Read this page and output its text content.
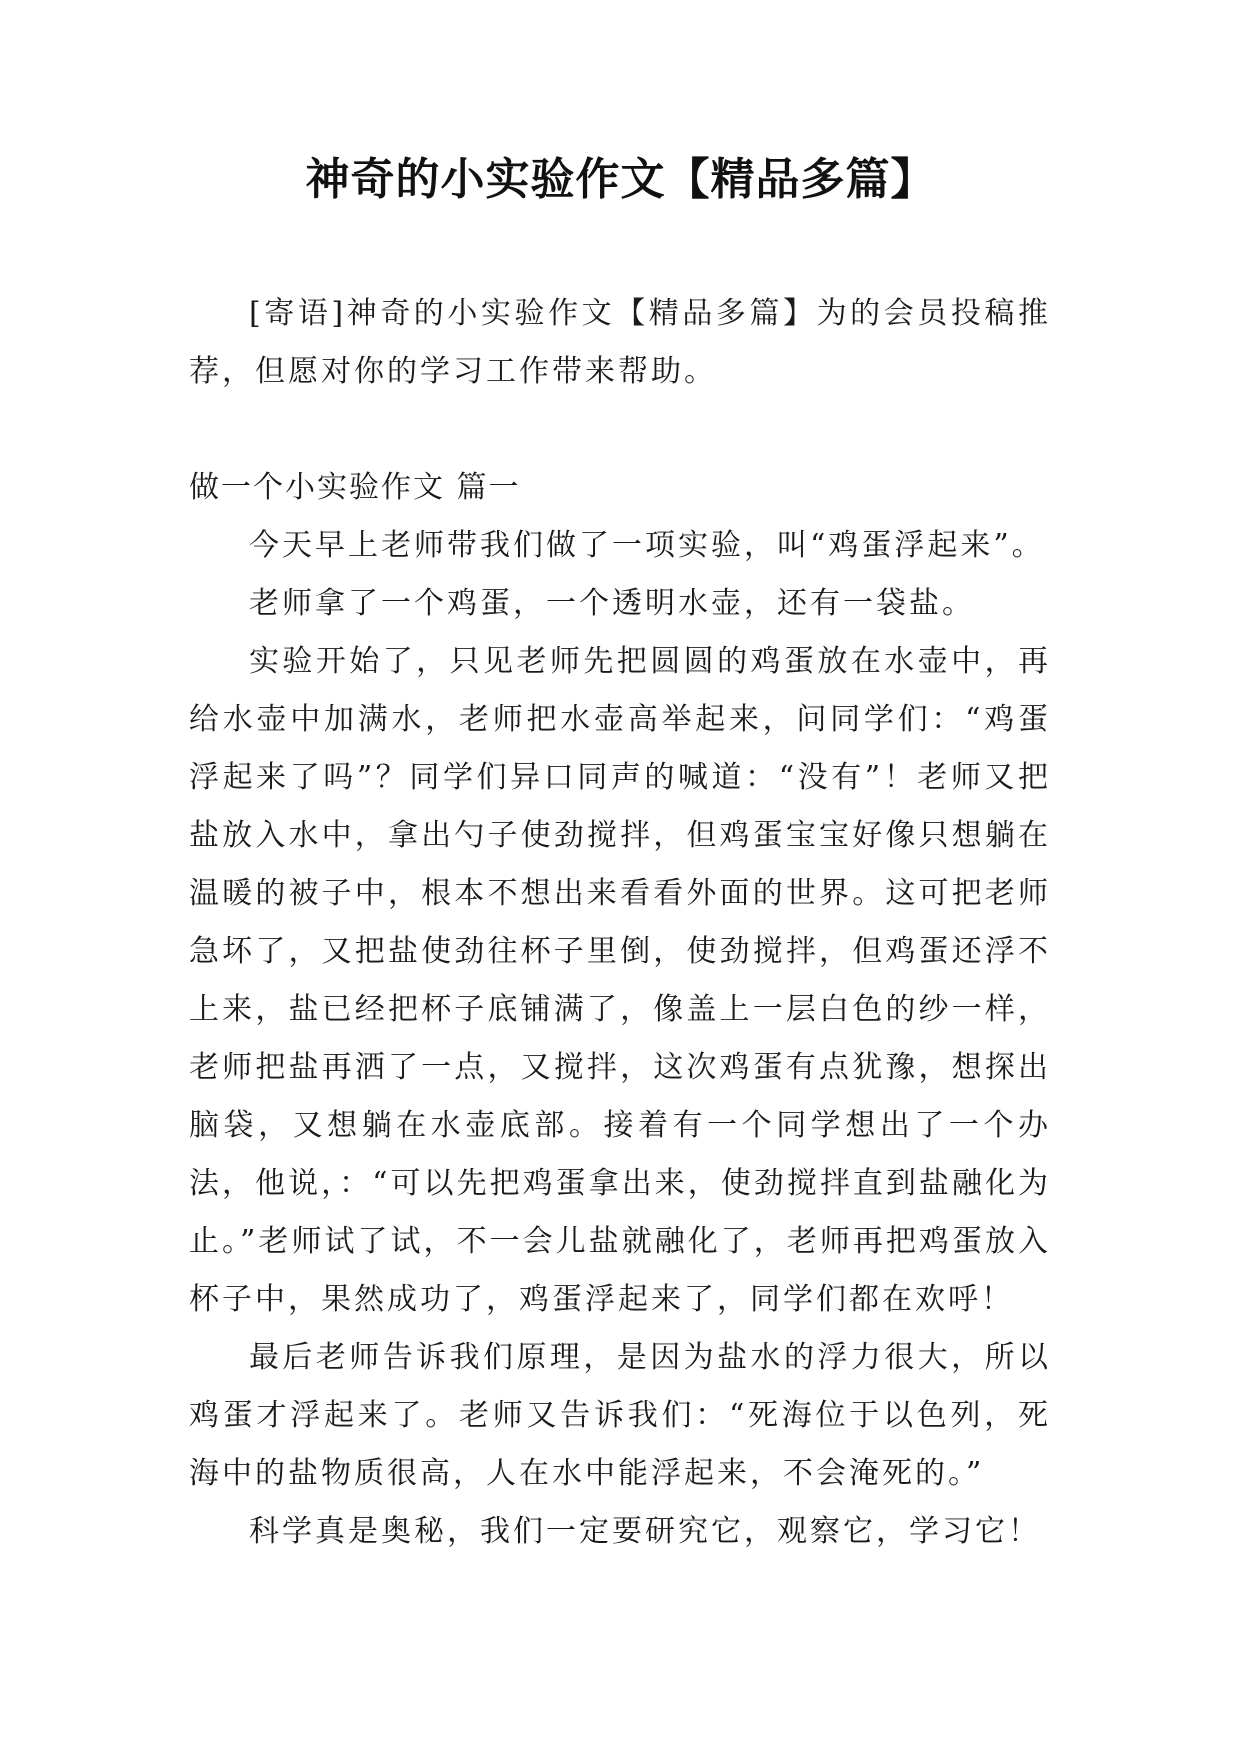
神奇的小实验作文【精品多篇】

[寄语]神奇的小实验作文【精品多篇】为的会员投稿推荐，但愿对你的学习工作带来帮助。

做一个小实验作文 篇一

今天早上老师带我们做了一项实验，叫“鸡蛋浮起来”。

老师拿了一个鸡蛋，一个透明水壶，还有一袋盐。

实验开始了，只见老师先把圆圆的鸡蛋放在水壶中，再给水壶中加满水，老师把水壶高举起来，问同学们：“鸡蛋浮起来了吗”？同学们异口同声的喊道：“没有”！老师又把盐放入水中，拿出勺子使劲搅拌，但鸡蛋宝宝好像只想躺在温暖的被子中，根本不想出来看看外面的世界。这可把老师急坏了，又把盐使劲往杯子里倒，使劲搅拌，但鸡蛋还浮不上来，盐已经把杯子底铺满了，像盖上一层白色的纱一样，老师把盐再洒了一点，又搅拌，这次鸡蛋有点犹豫，想探出脑袋，又想躺在水壶底部。接着有一个同学想出了一个办法，他说，：“可以先把鸡蛋拿出来，使劲搅拌直到盐融化为止。”老师试了试，不一会儿盐就融化了，老师再把鸡蛋放入杯子中，果然成功了，鸡蛋浮起来了，同学们都在欢呼！

最后老师告诉我们原理，是因为盐水的浮力很大，所以鸡蛋才浮起来了。老师又告诉我们：“死海位于以色列，死海中的盐物质很高，人在水中能浮起来，不会淹死的。”

科学真是奥秘，我们一定要研究它，观察它，学习它！
